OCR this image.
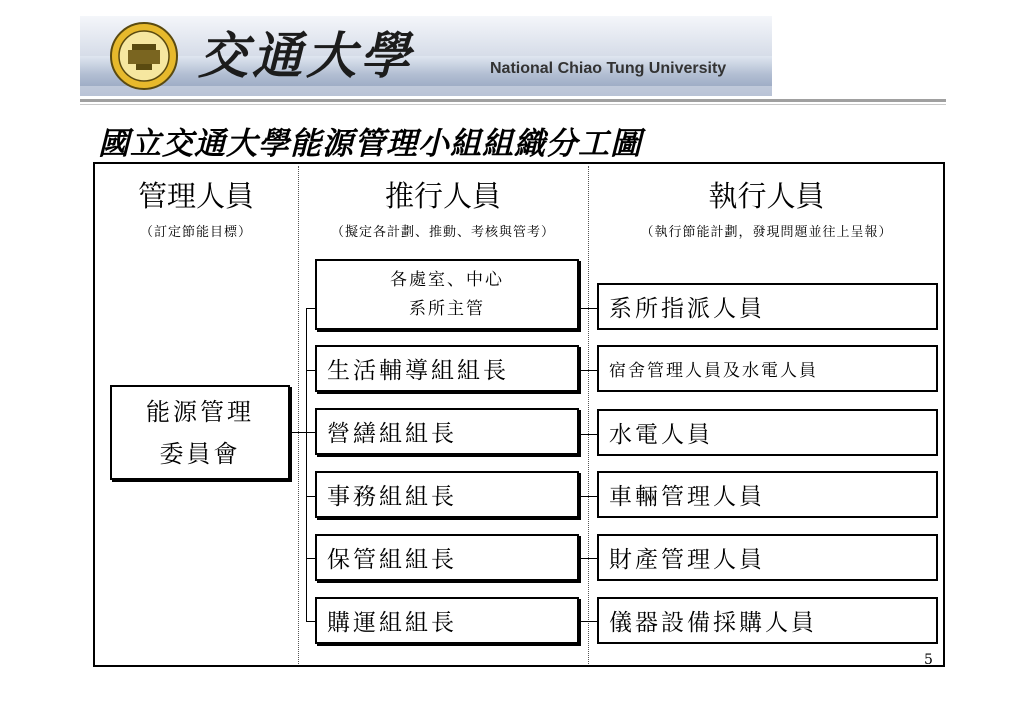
交通大學	National Chiao Tung University
國立交通大學能源管理小組組織分工圖
管理人員
（訂定節能目標）
推行人員
（擬定各計劃、推動、考核與管考）
執行人員
（執行節能計劃，發現問題並往上呈報）
能源管理
委員會
各處室、中心
系所主管
生活輔導組組長
營繕組組長
事務組組長
保管組組長
購運組組長
系所指派人員
宿舍管理人員及水電人員
水電人員
車輛管理人員
財產管理人員
儀器設備採購人員
5
